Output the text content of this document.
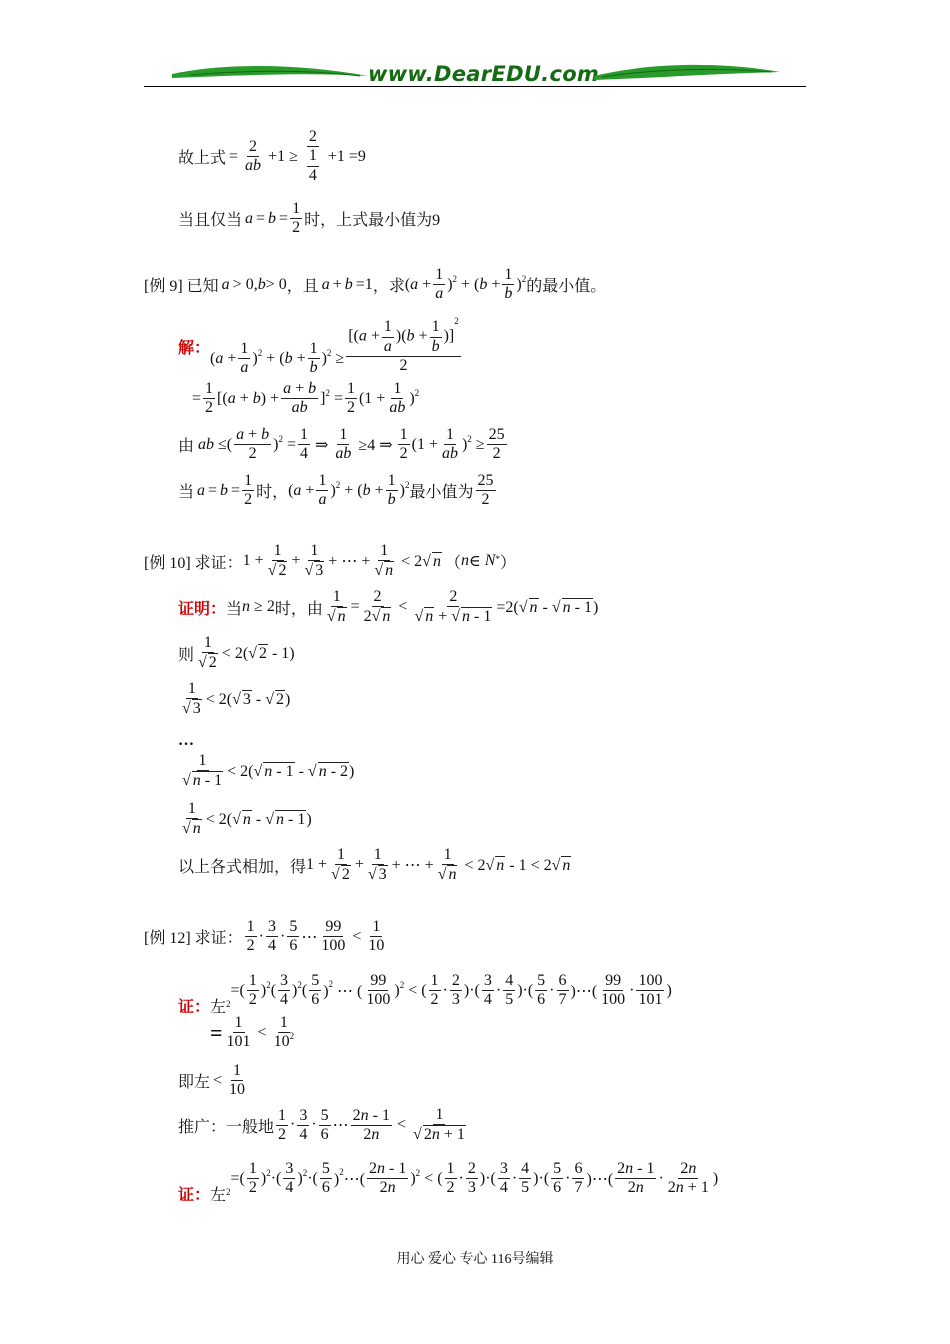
www.DearEDU.com
故上式 = $\frac{2}{ab} +1 \ge \frac{2}{\frac{1}{4}} +1 =9$
当且仅当 $a = b = \frac{1}{2}$ 时，上式最小值为9
[例 9] 已知 a > 0, b > 0 ，且 a + b =1 ，求 $(a + \frac{1}{a} )^2 + (b + \frac{1}{b} )^2$ 的最小值。
解：
$(a + \frac{1}{a} )^2 + (b + \frac{1}{b} )^2 \ge \frac{[(a + \frac{1}{a} )(b + \frac{1}{b} )]^2}{2}$
= $\frac{1}{2} [(a + b) + \frac{a + b}{ab} ]^2 = \frac{1}{2} (1 + \frac{1}{ab} )^2$
由 ab ≤( $\frac{a + b}{2} )^2 = \frac{1}{4}$ ⇒ $\frac{1}{ab} \ge 4$ ⇒ $\frac{1}{2} (1 + \frac{1}{ab} )^2 \ge \frac{25}{2}$
当 $a = b = \frac{1}{2}$ 时， $(a + \frac{1}{a} )^2 + (b + \frac{1}{b} )^2$ 最小值为 $\frac{25}{2}$
[例 10] 求证： $1 + \frac{1}{√ 2} + \frac{1}{√ 3}$ + ⋯ + $\frac{1}{√ n} < 2√$ n （ n ∈ N* ）
证明： 当 n ≥ 2 时，由 $\frac{1}{√ n} = \frac{2}{2√ n} < \frac{2}{√ n + √ n - 1} =2(√$ n - √ n - 1)
则 $\frac{1}{√ 2} < 2(√$ 2 - 1)
$\frac{1}{√ 3} < 2(√$ 3 - √ 2)
…
$\frac{1}{√ n - 1} < 2(√$ n - 1 - √ n - 2)
$\frac{1}{√ n} < 2(√$ n - √ n - 1)
以上各式相加，得 $1 + \frac{1}{√ 2} + \frac{1}{√ 3}$ + ⋯ + $\frac{1}{√ n} < 2√$ n - 1 < 2√ n
[例 12] 求证： $\frac{1}{2} \cdot \frac{3}{4} \cdot \frac{5}{6}$ ⋯ $\frac{99}{100} < \frac{1}{10}$
证： 左$^2$
=( $\frac{1}{2} )^2( \frac{3}{4} )^2( \frac{5}{6} )^2$ ⋯ ( $\frac{99}{100} )^2$ < ( $\frac{1}{2} \cdot \frac{2}{3}$ )·( $\frac{3}{4} \cdot \frac{4}{5}$ )·( $\frac{5}{6} \cdot \frac{6}{7}$ )⋯( $\frac{99}{100} \cdot \frac{100}{101}$ )
= $\frac{1}{101} < \frac{1}{10^2}$
即左 < $\frac{1}{10}$
推广：一般地 $\frac{1}{2} \cdot \frac{3}{4} \cdot \frac{5}{6}$ ⋯ $\frac{2n - 1}{2n} < \frac{1}{√ 2n + 1}$
证： 左$^2$
=( $\frac{1}{2} )^2\cdot( \frac{3}{4} )^2\cdot( \frac{5}{6}$ )$^2\cdots( \frac{2n - 1}{2n} )^2$ < ( $\frac{1}{2} \cdot \frac{2}{3}$ )·( $\frac{3}{4} \cdot \frac{4}{5}$ )·( $\frac{5}{6} \cdot \frac{6}{7}$ )⋯( $\frac{2n - 1}{2n} \cdot \frac{2n}{2n + 1}$ )
用心 爱心 专心 116号编辑
